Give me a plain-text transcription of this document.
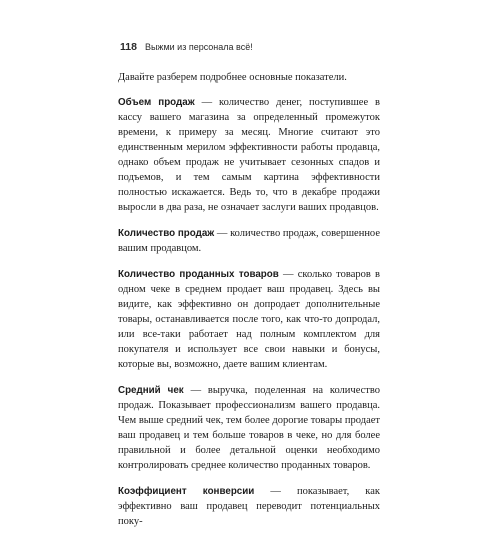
118 Выжми из персонала всё!

Давайте разберем подробнее основные показатели.

Объем продаж — количество денег, поступившее в кассу вашего магазина за определенный промежуток времени, к примеру за месяц. Многие считают это единственным мерилом эффективности работы продавца, однако объем продаж не учитывает сезонных спадов и подъемов, и тем самым картина эффективности полностью искажается. Ведь то, что в декабре продажи выросли в два раза, не означает заслуги ваших продавцов.

Количество продаж — количество продаж, совершенное вашим продавцом.

Количество проданных товаров — сколько товаров в одном чеке в среднем продает ваш продавец. Здесь вы видите, как эффективно он допродает дополнительные товары, останавливается после того, как что-то допродал, или все-таки работает над полным комплектом для покупателя и использует все свои навыки и бонусы, которые вы, возможно, даете вашим клиентам.

Средний чек — выручка, поделенная на количество продаж. Показывает профессионализм вашего продавца. Чем выше средний чек, тем более дорогие товары продает ваш продавец и тем больше товаров в чеке, но для более правильной и более детальной оценки необходимо контролировать среднее количество проданных товаров.

Коэффициент конверсии — показывает, как эффективно ваш продавец переводит потенциальных поку-
